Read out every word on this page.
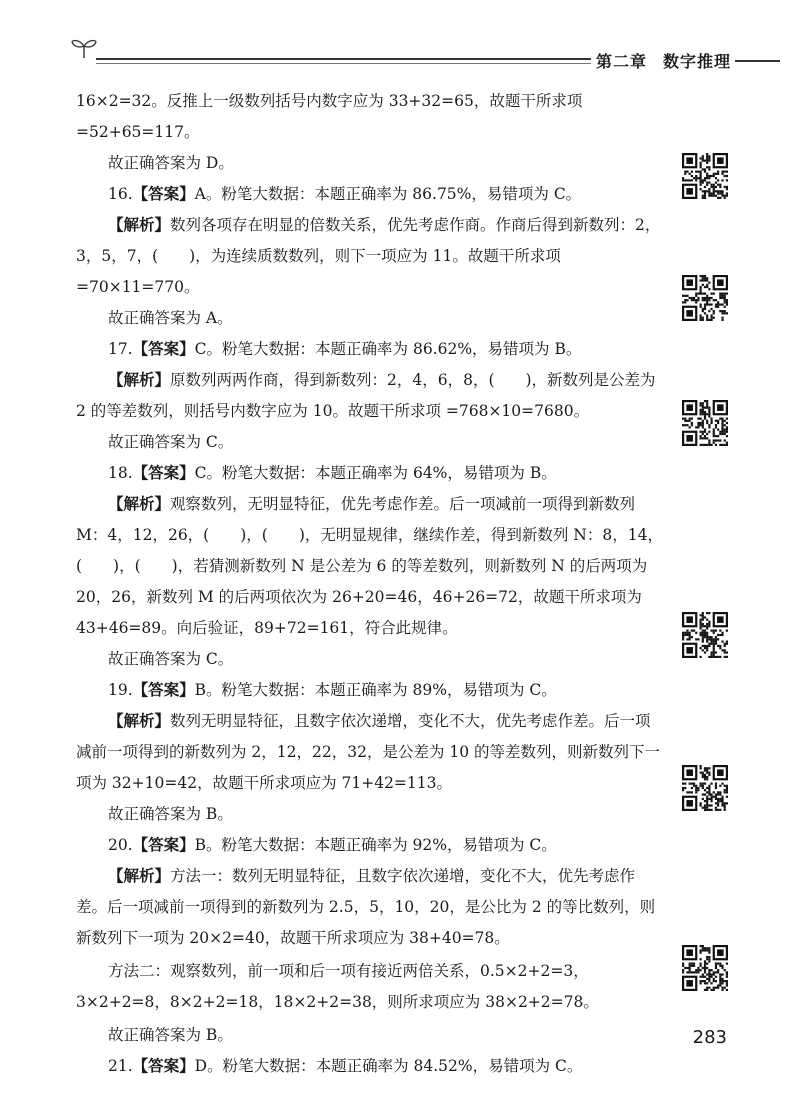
第二章 数字推理

16×2=32。反推上一级数列括号内数字应为 33+32=65，故题干所求项 =52+65=117。

故正确答案为 D。

16.【答案】A。粉笔大数据：本题正确率为 86.75%，易错项为 C。

【解析】数列各项存在明显的倍数关系，优先考虑作商。作商后得到新数列：2，3，5，7，(　　)，为连续质数数列，则下一项应为 11。故题干所求项 =70×11=770。

故正确答案为 A。

17.【答案】C。粉笔大数据：本题正确率为 86.62%，易错项为 B。

【解析】原数列两两作商，得到新数列：2，4，6，8，(　　)，新数列是公差为 2 的等差数列，则括号内数字应为 10。故题干所求项 =768×10=7680。

故正确答案为 C。

18.【答案】C。粉笔大数据：本题正确率为 64%，易错项为 B。

【解析】观察数列，无明显特征，优先考虑作差。后一项减前一项得到新数列 M：4，12，26，(　　)，(　　)，无明显规律，继续作差，得到新数列 N：8，14，(　　)，(　　)，若猜测新数列 N 是公差为 6 的等差数列，则新数列 N 的后两项为 20，26，新数列 M 的后两项依次为 26+20=46，46+26=72，故题干所求项为 43+46=89。向后验证，89+72=161，符合此规律。

故正确答案为 C。

19.【答案】B。粉笔大数据：本题正确率为 89%，易错项为 C。

【解析】数列无明显特征，且数字依次递增，变化不大，优先考虑作差。后一项减前一项得到的新数列为 2，12，22，32，是公差为 10 的等差数列，则新数列下一项为 32+10=42，故题干所求项应为 71+42=113。

故正确答案为 B。

20.【答案】B。粉笔大数据：本题正确率为 92%，易错项为 C。

【解析】方法一：数列无明显特征，且数字依次递增，变化不大，优先考虑作差。后一项减前一项得到的新数列为 2.5，5，10，20，是公比为 2 的等比数列，则新数列下一项为 20×2=40，故题干所求项应为 38+40=78。

方法二：观察数列，前一项和后一项有接近两倍关系，0.5×2+2=3，3×2+2=8，8×2+2=18，18×2+2=38，则所求项应为 38×2+2=78。

故正确答案为 B。

21.【答案】D。粉笔大数据：本题正确率为 84.52%，易错项为 C。

283
